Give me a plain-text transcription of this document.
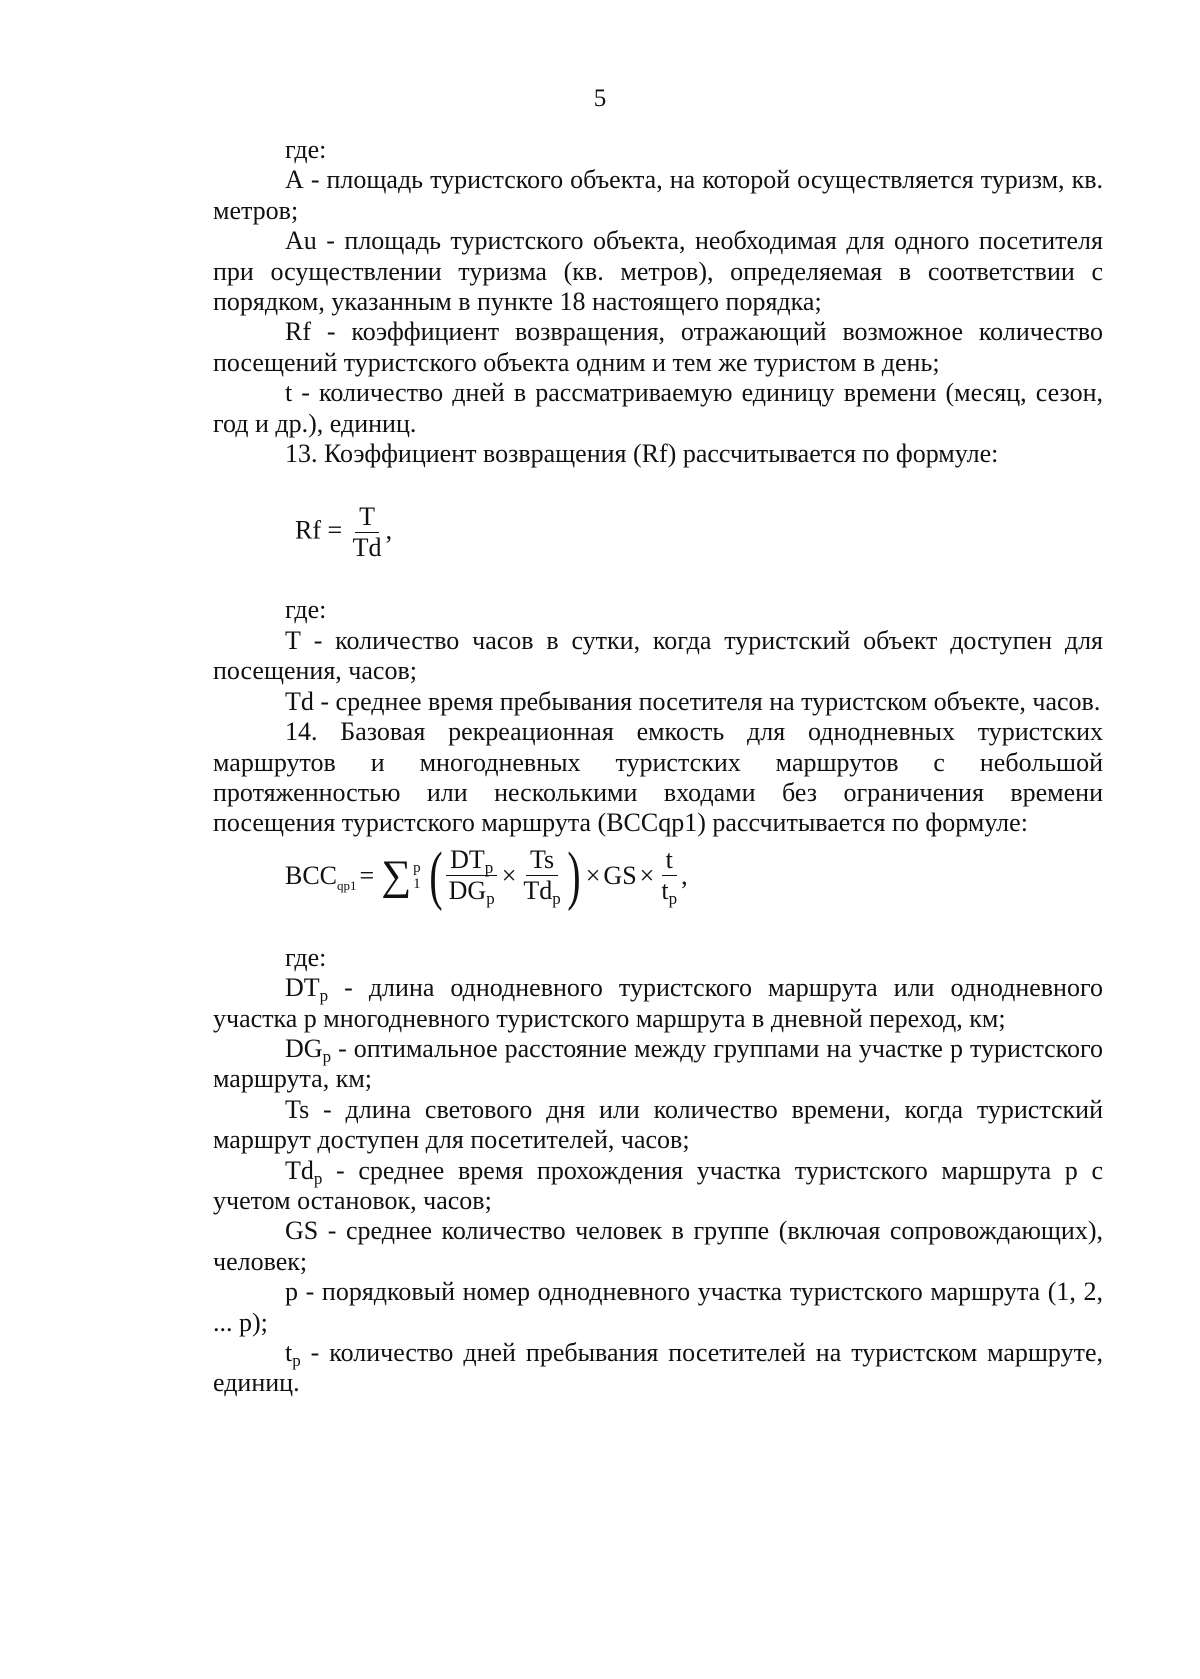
5

где:

А - площадь туристского объекта, на которой осуществляется туризм, кв. метров;

Au - площадь туристского объекта, необходимая для одного посетителя при осуществлении туризма (кв. метров), определяемая в соответствии с порядком, указанным в пункте 18 настоящего порядка;

Rf - коэффициент возвращения, отражающий возможное количество посещений туристского объекта одним и тем же туристом в день;

t - количество дней в рассматриваемую единицу времени (месяц, сезон, год и др.), единиц.

13. Коэффициент возвращения (Rf) рассчитывается по формуле:

$Rf = \frac{T}{Td}$ ,

где:

Т - количество часов в сутки, когда туристский объект доступен для посещения, часов;

Td - среднее время пребывания посетителя на туристском объекте, часов.

14. Базовая рекреационная емкость для однодневных туристских маршрутов и многодневных туристских маршрутов с небольшой протяженностью или несколькими входами без ограничения времени посещения туристского маршрута (BCCqp1) рассчитывается по формуле:

$BCC_{qp1}$ = ∑ p
1 ( $\frac{DT_p}{DG_p} \times \frac{Ts}{Td_p}$ ) × GS × $\frac{t}{t_p}$ ,

где:

$DT_p$ - длина однодневного туристского маршрута или однодневного участка р многодневного туристского маршрута в дневной переход, км;

$DG_p$ - оптимальное расстояние между группами на участке р туристского маршрута, км;

Ts - длина светового дня или количество времени, когда туристский маршрут доступен для посетителей, часов;

$Td_p$ - среднее время прохождения участка туристского маршрута р с учетом остановок, часов;

GS - среднее количество человек в группе (включая сопровождающих), человек;

р - порядковый номер однодневного участка туристского маршрута (1, 2, ... р);

$t_p$ - количество дней пребывания посетителей на туристском маршруте, единиц.
